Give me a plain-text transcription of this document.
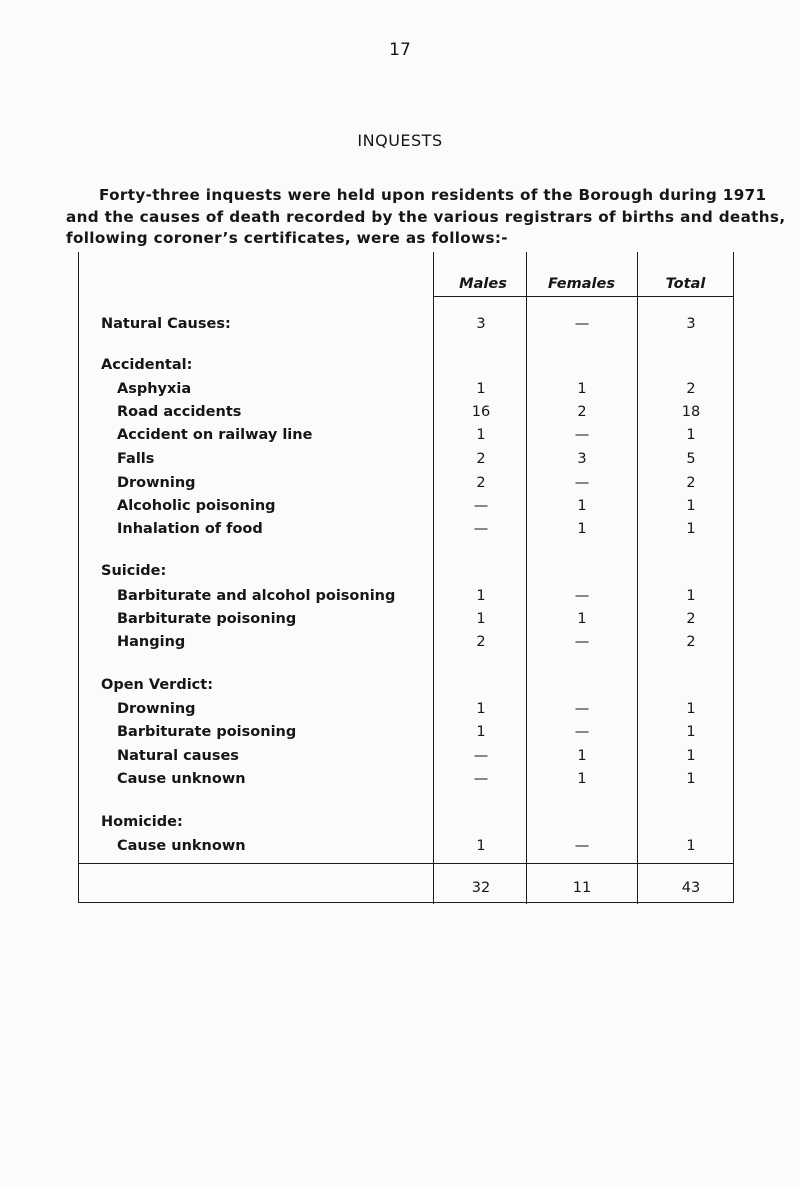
17
INQUESTS

Forty-three inquests were held upon residents of the Borough during 1971
and the causes of death recorded by the various registrars of births and deaths,
following coroner’s certificates, were as follows:-

Males	Females	Total
Natural Causes:	3	—	3
Accidental:
Asphyxia	1	1	2
Road accidents	16	2	18
Accident on railway line	1	—	1
Falls	2	3	5
Drowning	2	—	2
Alcoholic poisoning	—	1	1
Inhalation of food	—	1	1
Suicide:
Barbiturate and alcohol poisoning	1	—	1
Barbiturate poisoning	1	1	2
Hanging	2	—	2
Open Verdict:
Drowning	1	—	1
Barbiturate poisoning	1	—	1
Natural causes	—	1	1
Cause unknown	—	1	1
Homicide:
Cause unknown	1	—	1
32	11	43
